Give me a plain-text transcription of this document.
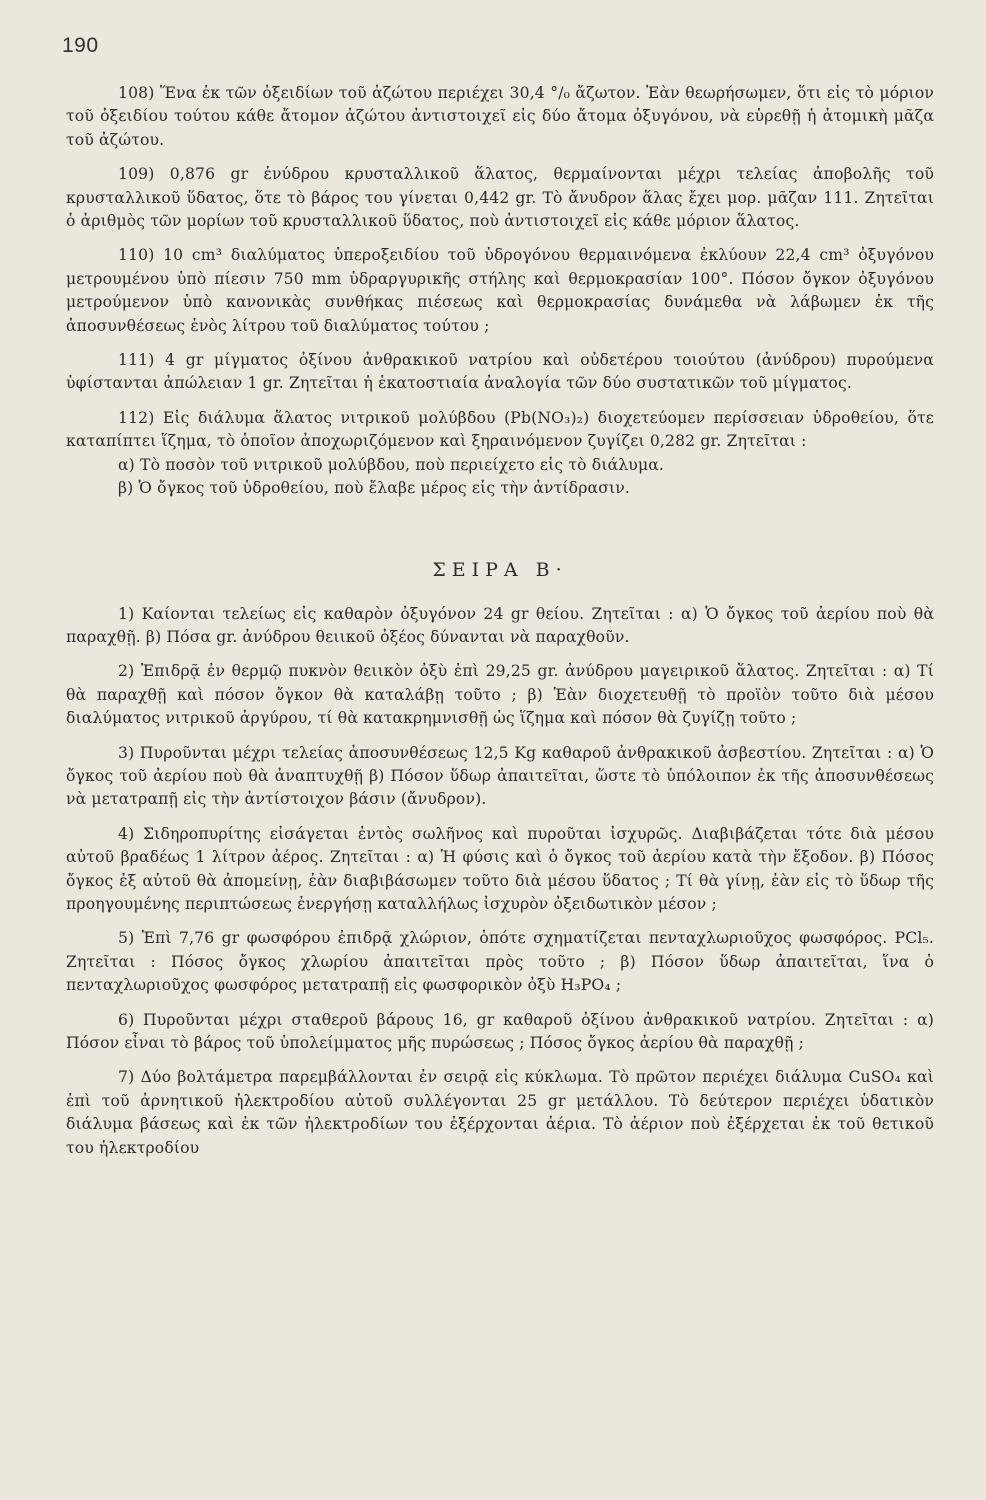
190

108) Ἕνα ἐκ τῶν ὀξειδίων τοῦ ἀζώτου περιέχει 30,4 °/₀ ἄζωτον. Ἐὰν θεωρήσωμεν, ὅτι εἰς τὸ μόριον τοῦ ὀξειδίου τούτου κάθε ἄτομον ἀζώτου ἀντιστοιχεῖ εἰς δύο ἄτομα ὀξυγόνου, νὰ εὑρεθῇ ἡ ἀτομικὴ μᾶζα τοῦ ἀζώτου.

109) 0,876 gr ἐνύδρου κρυσταλλικοῦ ἅλατος, θερμαίνονται μέχρι τελείας ἀποβολῆς τοῦ κρυσταλλικοῦ ὕδατος, ὅτε τὸ βάρος του γίνεται 0,442 gr. Τὸ ἄνυδρον ἅλας ἔχει μορ. μᾶζαν 111. Ζητεῖται ὁ ἀριθμὸς τῶν μορίων τοῦ κρυσταλλικοῦ ὕδατος, ποὺ ἀντιστοιχεῖ εἰς κάθε μόριον ἅλατος.

110) 10 cm³ διαλύματος ὑπεροξειδίου τοῦ ὑδρογόνου θερμαινόμενα ἐκλύουν 22,4 cm³ ὀξυγόνου μετρουμένου ὑπὸ πίεσιν 750 mm ὑδραργυρικῆς στήλης καὶ θερμοκρασίαν 100°. Πόσον ὄγκον ὀξυγόνου μετρούμενον ὑπὸ κανονικὰς συνθήκας πιέσεως καὶ θερμοκρασίας δυνάμεθα νὰ λάβωμεν ἐκ τῆς ἀποσυνθέσεως ἑνὸς λίτρου τοῦ διαλύματος τούτου ;

111) 4 gr μίγματος ὀξίνου ἀνθρακικοῦ νατρίου καὶ οὐδετέρου τοιούτου (ἀνύδρου) πυρούμενα ὑφίστανται ἀπώλειαν 1 gr. Ζητεῖται ἡ ἑκατοστιαία ἀναλογία τῶν δύο συστατικῶν τοῦ μίγματος.

112) Εἰς διάλυμα ἅλατος νιτρικοῦ μολύβδου (Pb(NO₃)₂) διοχετεύομεν περίσσειαν ὑδροθείου, ὅτε καταπίπτει ἵζημα, τὸ ὁποῖον ἀποχωριζόμενον καὶ ξηραινόμενον ζυγίζει 0,282 gr. Ζητεῖται :

α) Τὸ ποσὸν τοῦ νιτρικοῦ μολύβδου, ποὺ περιείχετο εἰς τὸ διάλυμα.

β) Ὁ ὄγκος τοῦ ὑδροθείου, ποὺ ἔλαβε μέρος εἰς τὴν ἀντίδρασιν.

ΣΕΙΡΑ Β·

1) Καίονται τελείως εἰς καθαρὸν ὀξυγόνον 24 gr θείου. Ζητεῖται : α) Ὁ ὄγκος τοῦ ἀερίου ποὺ θὰ παραχθῇ. β) Πόσα gr. ἀνύδρου θειικοῦ ὀξέος δύνανται νὰ παραχθοῦν.

2) Ἐπιδρᾷ ἐν θερμῷ πυκνὸν θειικὸν ὀξὺ ἐπὶ 29,25 gr. ἀνύδρου μαγειρικοῦ ἅλατος. Ζητεῖται : α) Τί θὰ παραχθῇ καὶ πόσον ὄγκον θὰ καταλάβῃ τοῦτο ; β) Ἐὰν διοχετευθῇ τὸ προϊὸν τοῦτο διὰ μέσου διαλύματος νιτρικοῦ ἀργύρου, τί θὰ κατακρημνισθῇ ὡς ἵζημα καὶ πόσον θὰ ζυγίζῃ τοῦτο ;

3) Πυροῦνται μέχρι τελείας ἀποσυνθέσεως 12,5 Kg καθαροῦ ἀνθρακικοῦ ἀσβεστίου. Ζητεῖται : α) Ὁ ὄγκος τοῦ ἀερίου ποὺ θὰ ἀναπτυχθῇ β) Πόσον ὕδωρ ἀπαιτεῖται, ὥστε τὸ ὑπόλοιπον ἐκ τῆς ἀποσυνθέσεως νὰ μετατραπῇ εἰς τὴν ἀντίστοιχον βάσιν (ἄνυδρον).

4) Σιδηροπυρίτης εἰσάγεται ἐντὸς σωλῆνος καὶ πυροῦται ἰσχυρῶς. Διαβιβάζεται τότε διὰ μέσου αὐτοῦ βραδέως 1 λίτρον ἀέρος. Ζητεῖται : α) Ἡ φύσις καὶ ὁ ὄγκος τοῦ ἀερίου κατὰ τὴν ἔξοδον. β) Πόσος ὄγκος ἐξ αὐτοῦ θὰ ἀπομείνῃ, ἐὰν διαβιβάσωμεν τοῦτο διὰ μέσου ὕδατος ; Τί θὰ γίνῃ, ἐὰν εἰς τὸ ὕδωρ τῆς προηγουμένης περιπτώσεως ἐνεργήσῃ καταλλήλως ἰσχυρὸν ὀξειδωτικὸν μέσον ;

5) Ἐπὶ 7,76 gr φωσφόρου ἐπιδρᾷ χλώριον, ὁπότε σχηματίζεται πενταχλωριοῦχος φωσφόρος. PCl₅. Ζητεῖται : Πόσος ὄγκος χλωρίου ἀπαιτεῖται πρὸς τοῦτο ; β) Πόσον ὕδωρ ἀπαιτεῖται, ἵνα ὁ πενταχλωριοῦχος φωσφόρος μετατραπῇ εἰς φωσφορικὸν ὀξὺ H₃PO₄ ;

6) Πυροῦνται μέχρι σταθεροῦ βάρους 16, gr καθαροῦ ὀξίνου ἀνθρακικοῦ νατρίου. Ζητεῖται : α) Πόσον εἶναι τὸ βάρος τοῦ ὑπολείμματος μῆς πυρώσεως ; Πόσος ὄγκος ἀερίου θὰ παραχθῇ ;

7) Δύο βολτάμετρα παρεμβάλλονται ἐν σειρᾷ εἰς κύκλωμα. Τὸ πρῶτον περιέχει διάλυμα CuSO₄ καὶ ἐπὶ τοῦ ἀρνητικοῦ ἠλεκτροδίου αὐτοῦ συλλέγονται 25 gr μετάλλου. Τὸ δεύτερον περιέχει ὑδατικὸν διάλυμα βάσεως καὶ ἐκ τῶν ἠλεκτροδίων του ἐξέρχονται ἀέρια. Τὸ ἀέριον ποὺ ἐξέρχεται ἐκ τοῦ θετικοῦ του ἠλεκτροδίου
